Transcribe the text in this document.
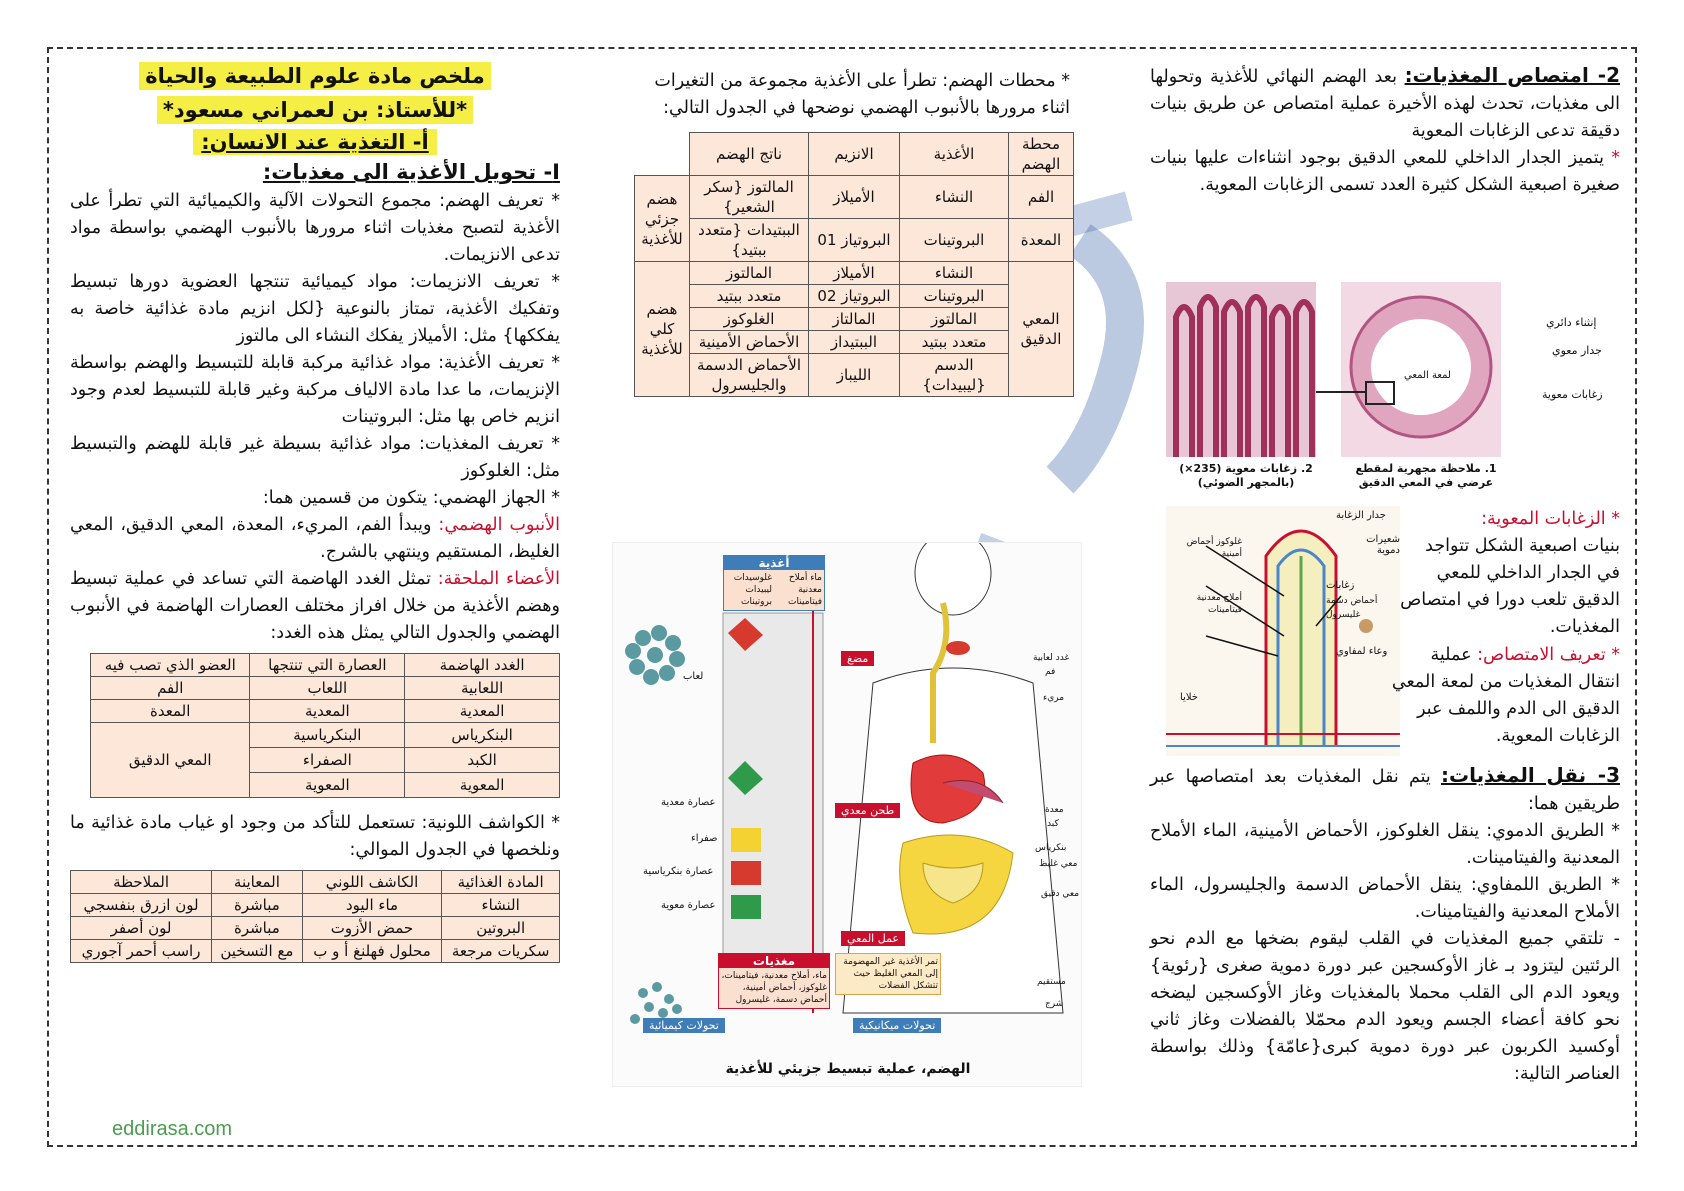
ملخص مادة علوم الطبيعة والحياة
*للأستاذ: بن لعمراني مسعود*
أ- التغذية عند الانسان:
I- تحويل الأغذية الى مغذيات:

* تعريف الهضم: مجموع التحولات الآلية والكيميائية التي تطرأ على الأغذية لتصبح مغذيات اثناء مرورها بالأنبوب الهضمي بواسطة مواد تدعى الانزيمات.

* تعريف الانزيمات: مواد كيميائية تنتجها العضوية دورها تبسيط وتفكيك الأغذية، تمتاز بالنوعية {لكل انزيم مادة غذائية خاصة به يفككها} مثل: الأميلاز يفكك النشاء الى مالتوز

* تعريف الأغذية: مواد غذائية مركبة قابلة للتبسيط والهضم بواسطة الإنزيمات، ما عدا مادة الالياف مركبة وغير قابلة للتبسيط لعدم وجود انزيم خاص بها مثل: البروتينات

* تعريف المغذيات: مواد غذائية بسيطة غير قابلة للهضم والتبسيط مثل: الغلوكوز

* الجهاز الهضمي: يتكون من قسمين هما:

الأنبوب الهضمي: ويبدأ الفم، المريء، المعدة، المعي الدقيق، المعي الغليظ، المستقيم وينتهي بالشرج.

الأعضاء الملحقة: تمثل الغدد الهاضمة التي تساعد في عملية تبسيط وهضم الأغذية من خلال افراز مختلف العصارات الهاضمة في الأنبوب الهضمي والجدول التالي يمثل هذه الغدد:

الغدد الهاضمة	العصارة التي تنتجها	العضو الذي تصب فيه
اللعابية	اللعاب	الفم
المعدية	المعدية	المعدة
البنكرياس	البنكرياسية	المعي الدقيق
الكبد	الصفراء	
المعوية	المعوية	

* الكواشف اللونية: تستعمل للتأكد من وجود او غياب مادة غذائية ما ونلخصها في الجدول الموالي:

المادة الغذائية	الكاشف اللوني	المعاينة	الملاحظة
النشاء	ماء اليود	مباشرة	لون ازرق بنفسجي
البروتين	حمض الأزوت	مباشرة	لون أصفر
سكريات مرجعة	محلول فهلنغ أ و ب	مع التسخين	راسب أحمر آجوري
eddirasa.com

* محطات الهضم: تطرأ على الأغذية مجموعة من التغيرات اثناء مرورها بالأنبوب الهضمي نوضحها في الجدول التالي:

محطة الهضم	الأغذية	الانزيم	ناتج الهضم	
الفم	النشاء	الأميلاز	المالتوز {سكر الشعير}	هضم جزئي للأغذية
المعدة	البروتينات	البروتياز 01	الببتيدات {متعدد ببتيد}	
المعي الدقيق	النشاء	الأميلاز	المالتوز	هضم كلي للأغذية
	البروتينات	البروتياز 02	متعدد ببتيد	
	المالتوز	المالتاز	الغلوكوز	
	متعدد ببتيد	الببتيداز	الأحماض الأمينية	
	الدسم {ليبيدات}	الليباز	الأحماض الدسمة والجليسرول	
أغذية
ماء أملاح معدنية فيتامينات
غلوسيدات ليبيدات بروتينات
مضغ
طحن معدي
عمل المعي
لعاب
عصارة معدية
صفراء
عصارة بنكرياسية
عصارة معوية
مغذيات
ماء، أملاح معدنية، فيتامينات، غلوكوز، أحماض أمينية، أحماض دسمة، غليسرول
تمر الأغذية غير المهضومة إلى المعي الغليظ حيث تتشكل الفضلات
تحولات كيميائية	تحولات ميكانيكية
غدد لعابية
فم
مريء
معدة
كبد
بنكرياس
معي غليظ
معي دقيق
مستقيم
شرج
الهضم، عملية تبسيط جزيئي للأغذية

2- امتصاص المغذيات: بعد الهضم النهائي للأغذية وتحولها الى مغذيات، تحدث لهذه الأخيرة عملية امتصاص عن طريق بنيات دقيقة تدعى الزغابات المعوية

* يتميز الجدار الداخلي للمعي الدقيق بوجود انثناءات عليها بنيات صغيرة اصبعية الشكل كثيرة العدد تسمى الزغابات المعوية.

إنثناء دائري
جدار معوي
لمعة المعي
زغابات معوية
1. ملاحظة مجهرية لمقطع عرضي في المعي الدقيق
2. زغابات معوية (235×) (بالمجهر الضوئي)
جدار الزغابة
شعيرات دموية
زغابات
أحماض دسمة
غليسرول
وعاء لمفاوي
خلايا
غلوكوز أحماض أمينية
أملاح معدنية فيتامينات

* الزغابات المعوية:

بنيات اصبعية الشكل تتواجد في الجدار الداخلي للمعي الدقيق تلعب دورا في امتصاص المغذيات.

* تعريف الامتصاص: عملية انتقال المغذيات من لمعة المعي الدقيق الى الدم واللمف عبر الزغابات المعوية.

3- نقل المغذيات: يتم نقل المغذيات بعد امتصاصها عبر طريقين هما:

* الطريق الدموي: ينقل الغلوكوز، الأحماض الأمينية، الماء الأملاح المعدنية والفيتامينات.

* الطريق اللمفاوي: ينقل الأحماض الدسمة والجليسرول، الماء الأملاح المعدنية والفيتامينات.

- تلتقي جميع المغذيات في القلب ليقوم بضخها مع الدم نحو الرئتين ليتزود بـ غاز الأوكسجين عبر دورة دموية صغرى {رئوية} ويعود الدم الى القلب محملا بالمغذيات وغاز الأوكسجين ليضخه نحو كافة أعضاء الجسم ويعود الدم محمّلا بالفضلات وغاز ثاني أوكسيد الكربون عبر دورة دموية كبرى{عامّة} وذلك بواسطة العناصر التالية:
